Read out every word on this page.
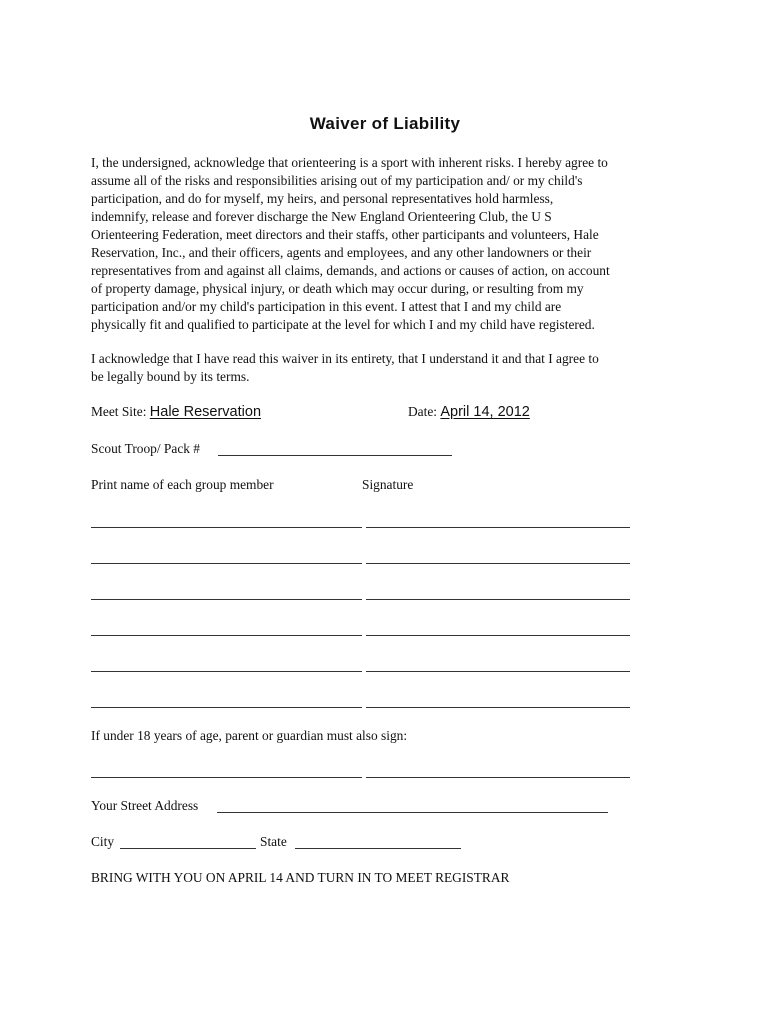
Waiver of Liability
I, the undersigned, acknowledge that orienteering is a sport with inherent risks. I hereby agree to
assume all of the risks and responsibilities arising out of my participation and/ or my child's
participation, and do for myself, my heirs, and personal representatives hold harmless,
indemnify, release and forever discharge the New England Orienteering Club, the U S
Orienteering Federation, meet directors and their staffs, other participants and volunteers, Hale
Reservation, Inc., and their officers, agents and employees, and any other landowners or their
representatives from and against all claims, demands, and actions or causes of action, on account
of property damage, physical injury, or death which may occur during, or resulting from my
participation and/or my child's participation in this event. I attest that I and my child are
physically fit and qualified to participate at the level for which I and my child have registered.
I acknowledge that I have read this waiver in its entirety, that I understand it and that I agree to
be legally bound by its terms.
Meet Site: Hale Reservation	Date: April 14, 2012
Scout Troop/ Pack #
Print name of each group member	Signature
If under 18 years of age, parent or guardian must also sign:
Your Street Address
City	State
BRING WITH YOU ON APRIL 14 AND TURN IN TO MEET REGISTRAR
